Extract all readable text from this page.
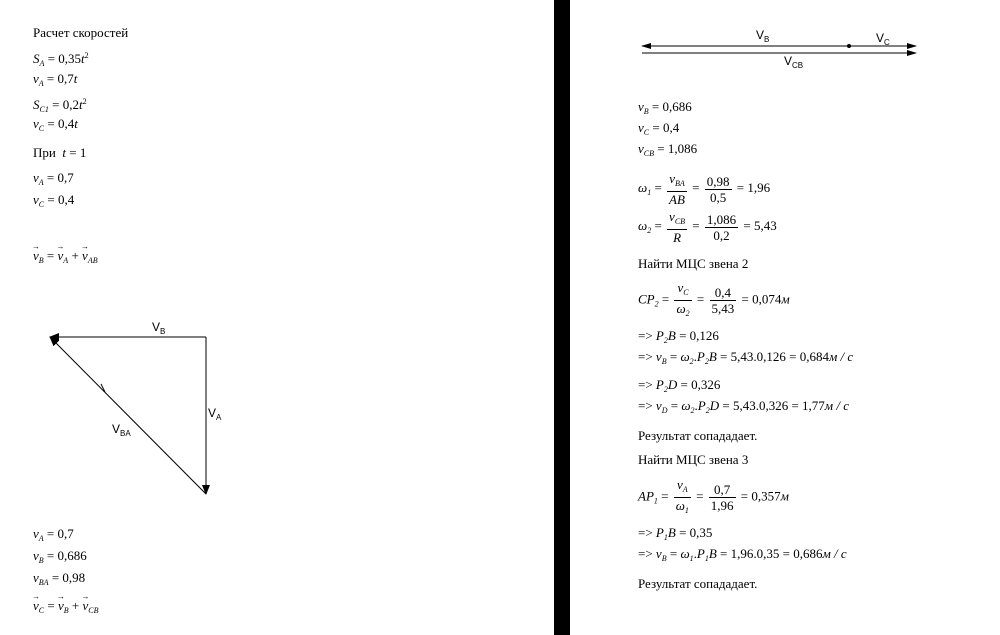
Расчет скоростей
$S_A = 0,35t^2$
$v_A = 0,7t$
$S_{C1} = 0,2t^2$
$v_C = 0,4t$
При t = 1
$v_A = 0,7$
$v_C = 0,4$
→ $v_B$ = → $v_A$ + → $v_{AB}$
$V_B$
$V_A$
$V_{BA}$
$v_A = 0,7$
$v_B = 0,686$
$v_{BA} = 0,98$
→ $v_C$ = → $v_B$ + → $v_{CB}$
$V_B$	$V_C$
$V_{CB}$
$v_B = 0,686$
$v_C = 0,4$
$v_{CB} = 1,086$
$\omega_1 = \frac{v_{BA}}{AB} = \frac{0,98}{0,5} = 1,96$
$\omega_2 = \frac{v_{CB}}{R} = \frac{1,086}{0,2} = 5,43$
Найти МЦС звена 2
$CP_2 = \frac{v_C}{\omega_2} = \frac{0,4}{5,43} = 0,074м$
=> $P_2B = 0,126$
=> $v_B = \omega_2.P_2B = 5,43.0,126 = 0,684м / с$
=> $P_2D = 0,326$
=> $v_D = \omega_2.P_2D = 5,43.0,326 = 1,77м / с$
Результат сопададает.
Найти МЦС звена 3
$AP_1 = \frac{v_A}{\omega_1} = \frac{0,7}{1,96} = 0,357м$
=> $P_1B = 0,35$
=> $v_B = \omega_1.P_1B = 1,96.0,35 = 0,686м / с$
Результат сопададает.
